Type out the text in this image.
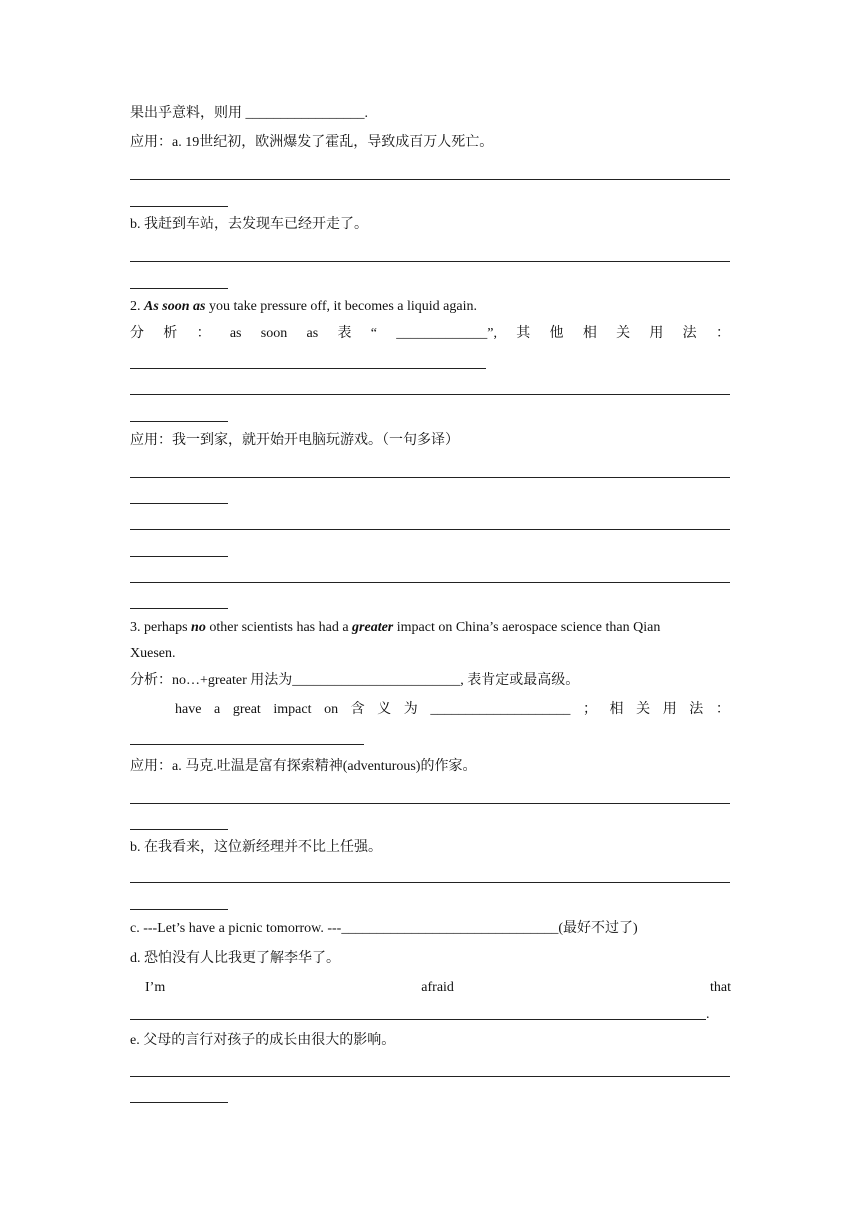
果出乎意料，则用 _________________.
应用：a. 19世纪初，欧洲爆发了霍乱，导致成百万人死亡。
b. 我赶到车站，去发现车已经开走了。
2. As soon as you take pressure off, it becomes a liquid again.
分 析 ： as soon as 表 “ _____________”, 其 他 相 关 用 法 ：
应用：我一到家，就开始开电脑玩游戏。（一句多译）
3. perhaps no other scientists has had a greater impact on China’s aerospace science than Qian
Xuesen.
分析：no…+greater 用法为________________________, 表肯定或最高级。
have a great impact on 含 义 为 ____________________ ； 相 关 用 法 ：
应用：a. 马克.吐温是富有探索精神(adventurous)的作家。
b. 在我看来，这位新经理并不比上任强。
c. ---Let’s have a picnic tomorrow. ---_______________________________(最好不过了)
d. 恐怕没有人比我更了解李华了。
I’m	afraid	that
.
e. 父母的言行对孩子的成长由很大的影响。
